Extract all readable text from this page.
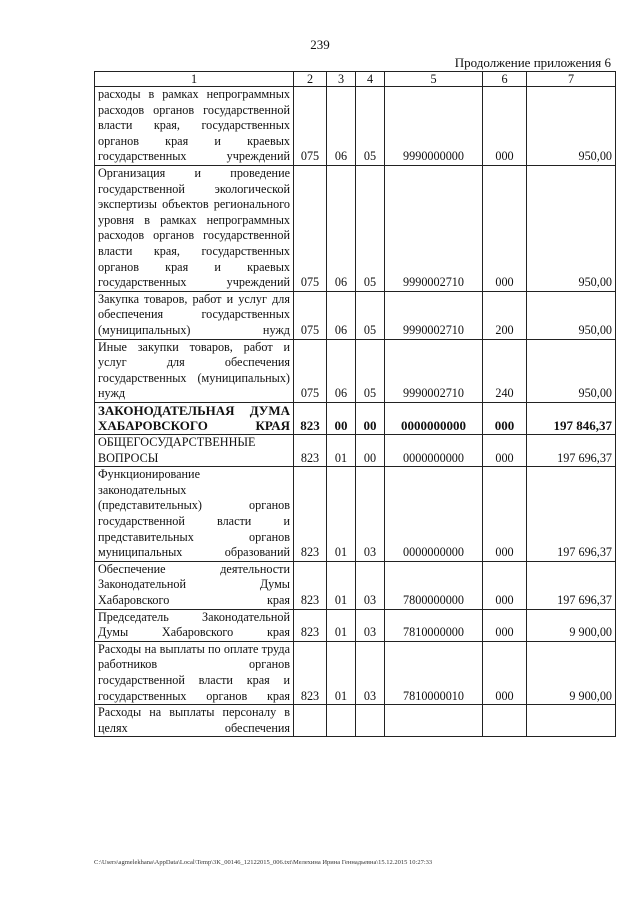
239
Продолжение приложения 6
1	2	3	4	5	6	7
расходы в рамках непрограммных расходов органов государственной власти края, государственных органов края и краевых государственных учреждений	075	06	05	9990000000	000	950,00
Организация и проведение государственной экологической экспертизы объектов регионального уровня в рамках непрограммных расходов органов государственной власти края, государственных органов края и краевых государственных учреждений	075	06	05	9990002710	000	950,00
Закупка товаров, работ и услуг для обеспечения государственных (муниципальных) нужд	075	06	05	9990002710	200	950,00
Иные закупки товаров, работ и услуг для обеспечения государственных (муниципальных) нужд	075	06	05	9990002710	240	950,00
ЗАКОНОДАТЕЛЬНАЯ ДУМА ХАБАРОВСКОГО КРАЯ	823	00	00	0000000000	000	197 846,37
ОБЩЕГОСУДАРСТВЕННЫЕ ВОПРОСЫ	823	01	00	0000000000	000	197 696,37
Функционирование законодательных (представительных) органов государственной власти и представительных органов муниципальных образований	823	01	03	0000000000	000	197 696,37
Обеспечение деятельности Законодательной Думы Хабаровского края	823	01	03	7800000000	000	197 696,37
Председатель Законодательной Думы Хабаровского края	823	01	03	7810000000	000	9 900,00
Расходы на выплаты по оплате труда работников органов государственной власти края и государственных органов края	823	01	03	7810000010	000	9 900,00
Расходы на выплаты персоналу в целях обеспечения						
C:\Users\agmelekhana\AppData\Local\Temp\3K_00146_12122015_006.txt\Мелехина Ирина Геннадьевна\15.12.2015 10:27:33
